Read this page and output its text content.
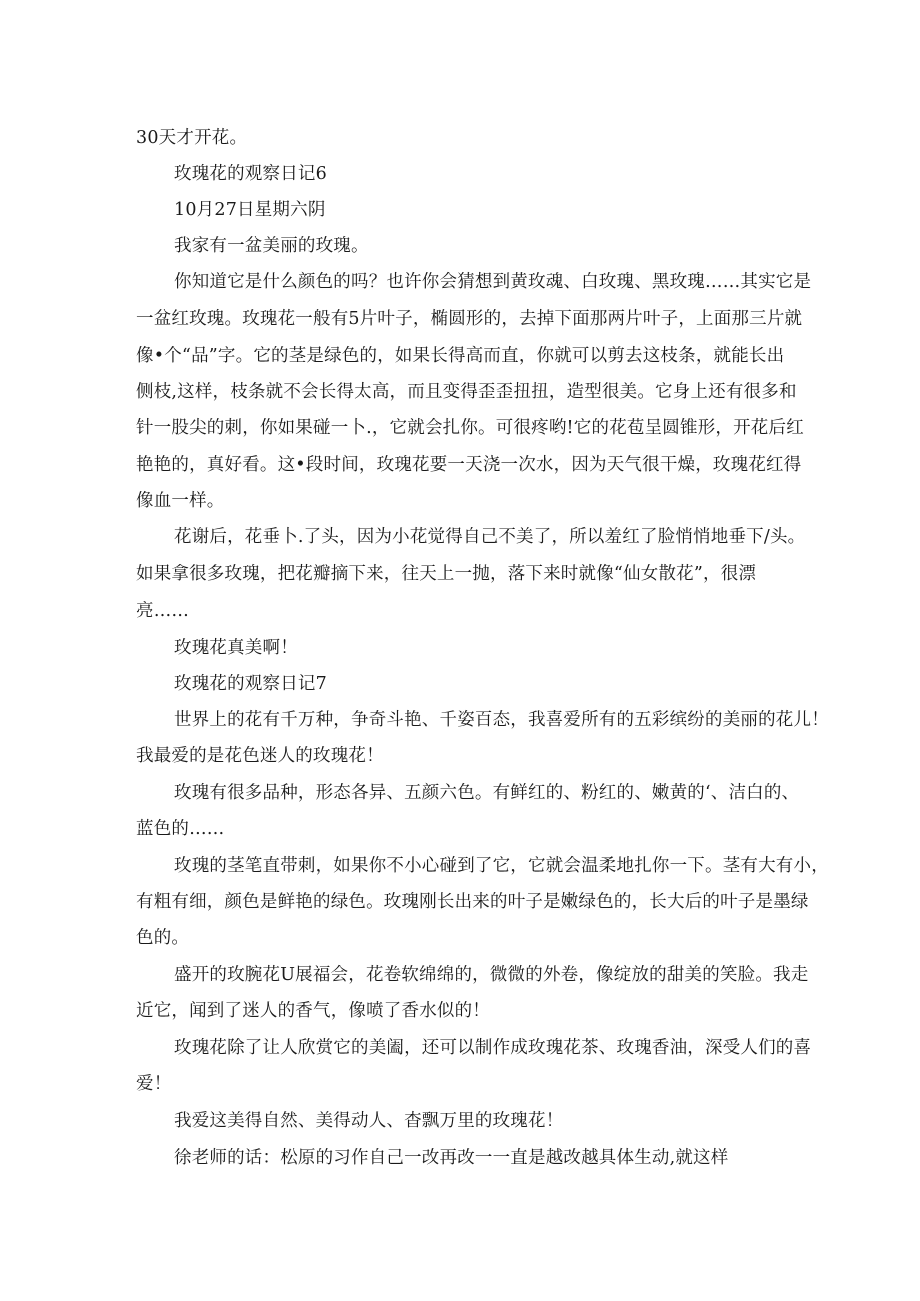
30天才开花。
玫瑰花的观察日记6
10月27日星期六阴
我家有一盆美丽的玫瑰。
你知道它是什么颜色的吗？也许你会猜想到黄玫魂、白玫瑰、黑玫瑰……其实它是
一盆红玫瑰。玫瑰花一般有5片叶子，椭圆形的，去掉下面那两片叶子，上面那三片就
像•个“品”字。它的茎是绿色的，如果长得高而直，你就可以剪去这枝条，就能长出
侧枝,这样，枝条就不会长得太高，而且变得歪歪扭扭，造型很美。它身上还有很多和
针一股尖的刺，你如果碰一卜.，它就会扎你。可很疼哟!它的花苞呈圆锥形，开花后红
艳艳的，真好看。这•段时间，玫瑰花要一天浇一次水，因为天气很干燥，玫瑰花红得
像血一样。
花谢后，花垂卜.了头，因为小花觉得自己不美了，所以羞红了脸悄悄地垂下/头。
如果拿很多玫瑰，把花瓣摘下来，往天上一抛，落下来时就像“仙女散花”，很漂
亮……
玫瑰花真美啊！
玫瑰花的观察日记7
世界上的花有千万种，争奇斗艳、千姿百态，我喜爱所有的五彩缤纷的美丽的花儿！
我最爱的是花色迷人的玫瑰花！
玫瑰有很多品种，形态各异、五颜六色。有鲜红的、粉红的、嫩黄的‘、洁白的、
蓝色的……
玫瑰的茎笔直带刺，如果你不小心碰到了它，它就会温柔地扎你一下。茎有大有小，
有粗有细，颜色是鲜艳的绿色。玫瑰刚长出来的叶子是嫩绿色的，长大后的叶子是墨绿
色的。
盛开的玫腕花U展福会，花卷软绵绵的，微微的外卷，像绽放的甜美的笑脸。我走
近它，闻到了迷人的香气，像喷了香水似的！
玫瑰花除了让人欣赏它的美阖，还可以制作成玫瑰花茶、玫瑰香油，深受人们的喜
爱！
我爱这美得自然、美得动人、杳飘万里的玫瑰花！
徐老师的话：松原的习作自己一改再改一一直是越改越具体生动,就这样
